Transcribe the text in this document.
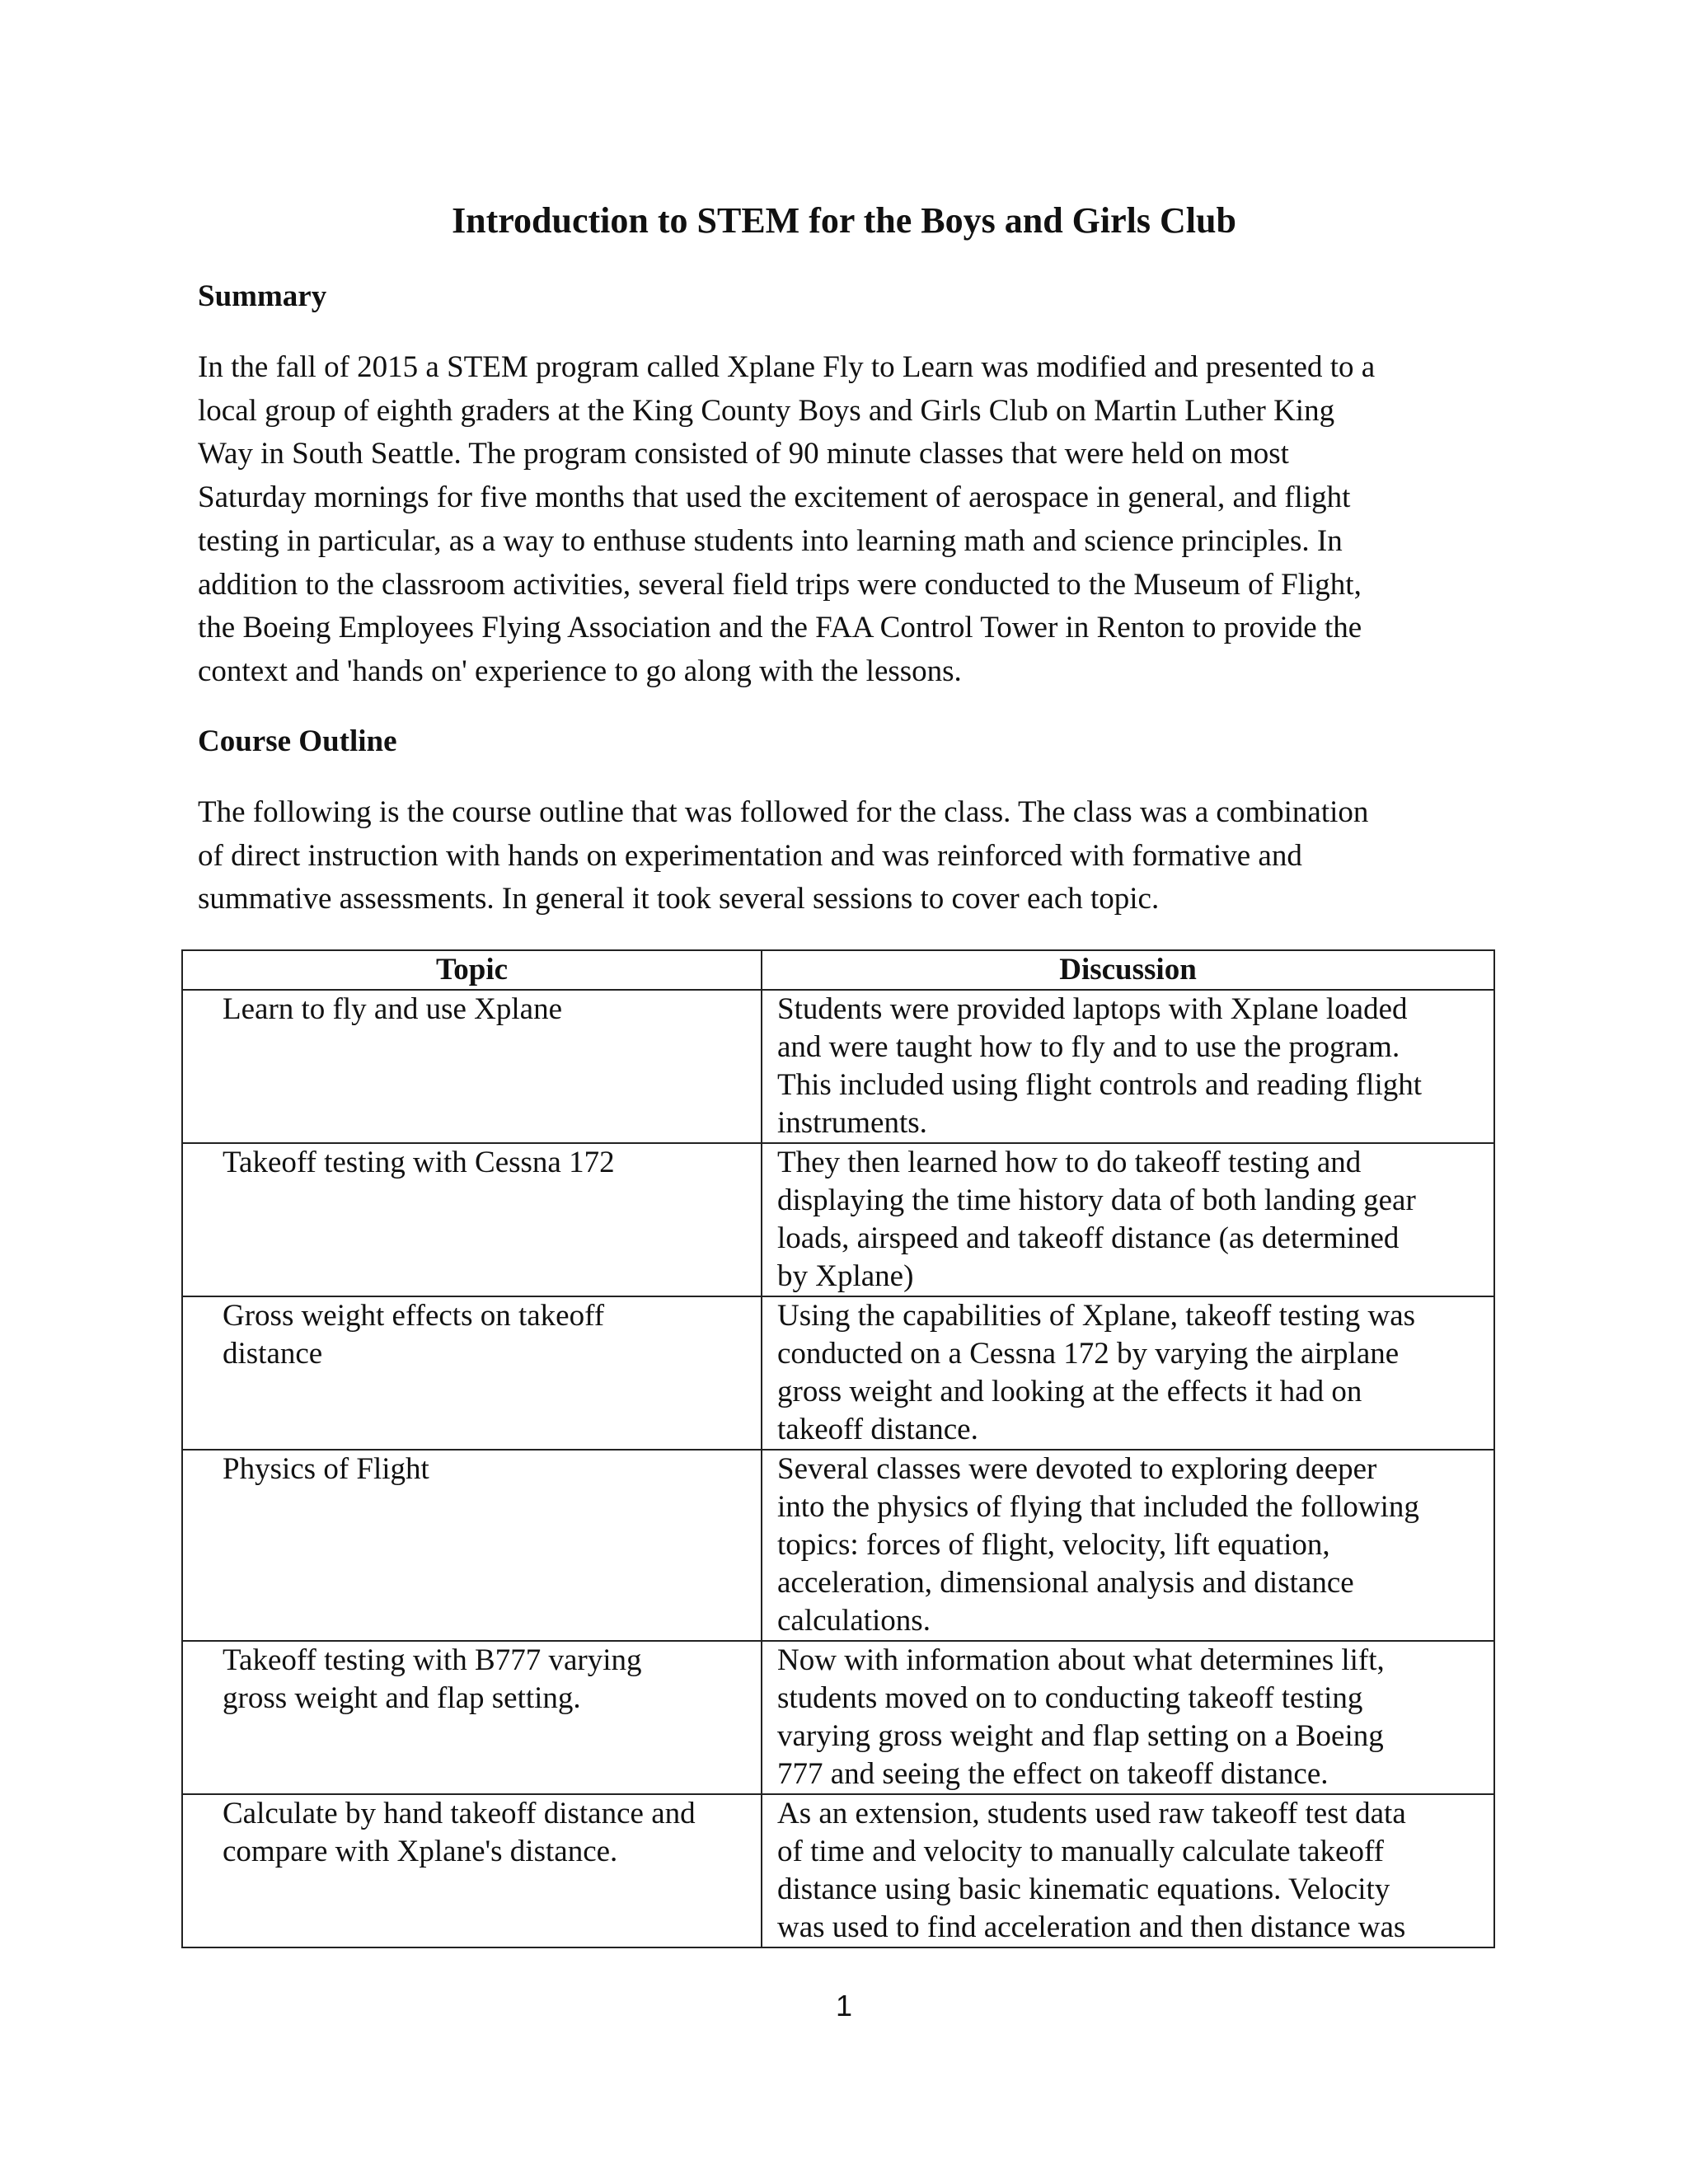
Introduction to STEM for the Boys and Girls Club
Summary

In the fall of 2015 a STEM program called Xplane Fly to Learn was modified and presented to a
local group of eighth graders at the King County Boys and Girls Club on Martin Luther King
Way in South Seattle. The program consisted of 90 minute classes that were held on most
Saturday mornings for five months that used the excitement of aerospace in general, and flight
testing in particular, as a way to enthuse students into learning math and science principles. In
addition to the classroom activities, several field trips were conducted to the Museum of Flight,
the Boeing Employees Flying Association and the FAA Control Tower in Renton to provide the
context and 'hands on' experience to go along with the lessons.

Course Outline

The following is the course outline that was followed for the class. The class was a combination
of direct instruction with hands on experimentation and was reinforced with formative and
summative assessments. In general it took several sessions to cover each topic.

Topic	Discussion

Learn to fly and use Xplane	Students were provided laptops with Xplane loaded
and were taught how to fly and to use the program.
This included using flight controls and reading flight
instruments.

Takeoff testing with Cessna 172	They then learned how to do takeoff testing and
displaying the time history data of both landing gear
loads, airspeed and takeoff distance (as determined
by Xplane)

Gross weight effects on takeoff
distance	Using the capabilities of Xplane, takeoff testing was
conducted on a Cessna 172 by varying the airplane
gross weight and looking at the effects it had on
takeoff distance.

Physics of Flight	Several classes were devoted to exploring deeper
into the physics of flying that included the following
topics: forces of flight, velocity, lift equation,
acceleration, dimensional analysis and distance
calculations.

Takeoff testing with B777 varying
gross weight and flap setting.	Now with information about what determines lift,
students moved on to conducting takeoff testing
varying gross weight and flap setting on a Boeing
777 and seeing the effect on takeoff distance.

Calculate by hand takeoff distance and
compare with Xplane's distance.	As an extension, students used raw takeoff test data
of time and velocity to manually calculate takeoff
distance using basic kinematic equations. Velocity
was used to find acceleration and then distance was

1
